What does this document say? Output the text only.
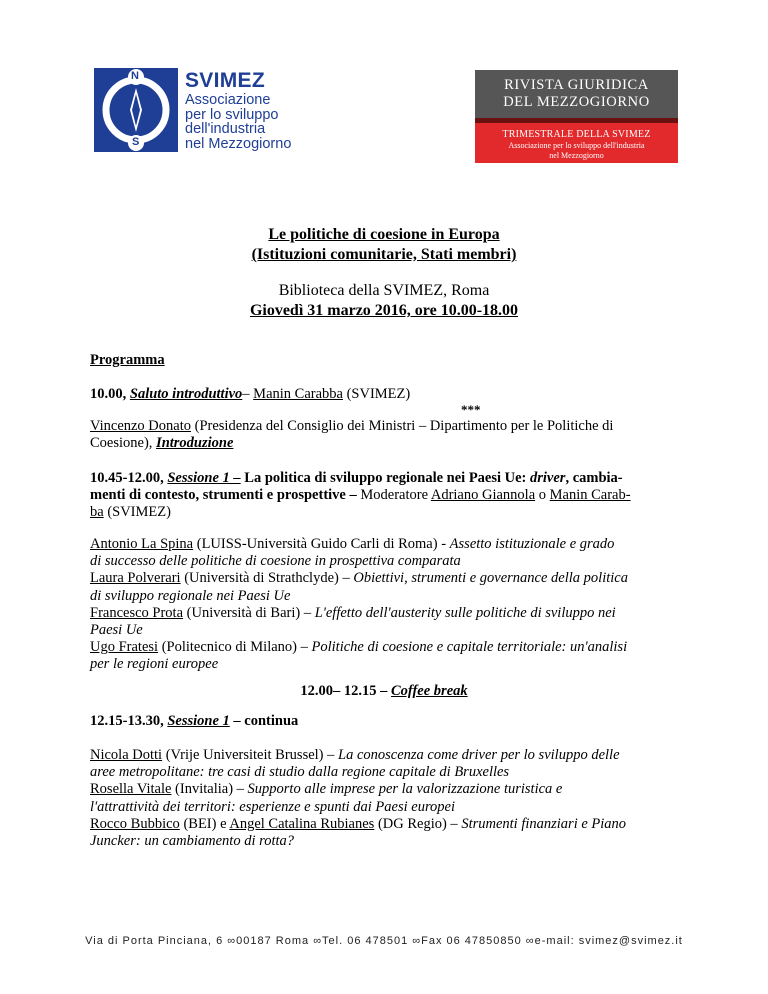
N
S
SVIMEZ
Associazione
per lo sviluppo
dell'industria
nel Mezzogiorno
RIVISTA GIURIDICA
DEL MEZZOGIORNO
TRIMESTRALE DELLA SVIMEZ
Associazione per lo sviluppo dell'industria
nel Mezzogiorno
Le politiche di coesione in Europa
(Istituzioni comunitarie, Stati membri)
Biblioteca della SVIMEZ, Roma
Giovedì 31 marzo 2016, ore 10.00-18.00
Programma
10.00, Saluto introduttivo– Manin Carabba (SVIMEZ)
***
Vincenzo Donato (Presidenza del Consiglio dei Ministri – Dipartimento per le Politiche di
Coesione), Introduzione
10.45-12.00, Sessione 1 – La politica di sviluppo regionale nei Paesi Ue: driver, cambia-
menti di contesto, strumenti e prospettive – Moderatore Adriano Giannola o Manin Carab-
ba (SVIMEZ)
Antonio La Spina (LUISS-Università Guido Carli di Roma) - Assetto istituzionale e grado
di successo delle politiche di coesione in prospettiva comparata
Laura Polverari (Università di Strathclyde) – Obiettivi, strumenti e governance della politica
di sviluppo regionale nei Paesi Ue
Francesco Prota (Università di Bari) – L'effetto dell'austerity sulle politiche di sviluppo nei
Paesi Ue
Ugo Fratesi (Politecnico di Milano) – Politiche di coesione e capitale territoriale: un'analisi
per le regioni europee
12.00– 12.15 – Coffee break
12.15-13.30, Sessione 1 – continua
Nicola Dotti (Vrije Universiteit Brussel) – La conoscenza come driver per lo sviluppo delle
aree metropolitane: tre casi di studio dalla regione capitale di Bruxelles
Rosella Vitale (Invitalia) – Supporto alle imprese per la valorizzazione turistica e
l'attrattività dei territori: esperienze e spunti dai Paesi europei
Rocco Bubbico (BEI) e Angel Catalina Rubianes (DG Regio) – Strumenti finanziari e Piano
Juncker: un cambiamento di rotta?
Via di Porta Pinciana, 6 ∞00187 Roma ∞Tel. 06 478501 ∞Fax 06 47850850 ∞e-mail: svimez@svimez.it
